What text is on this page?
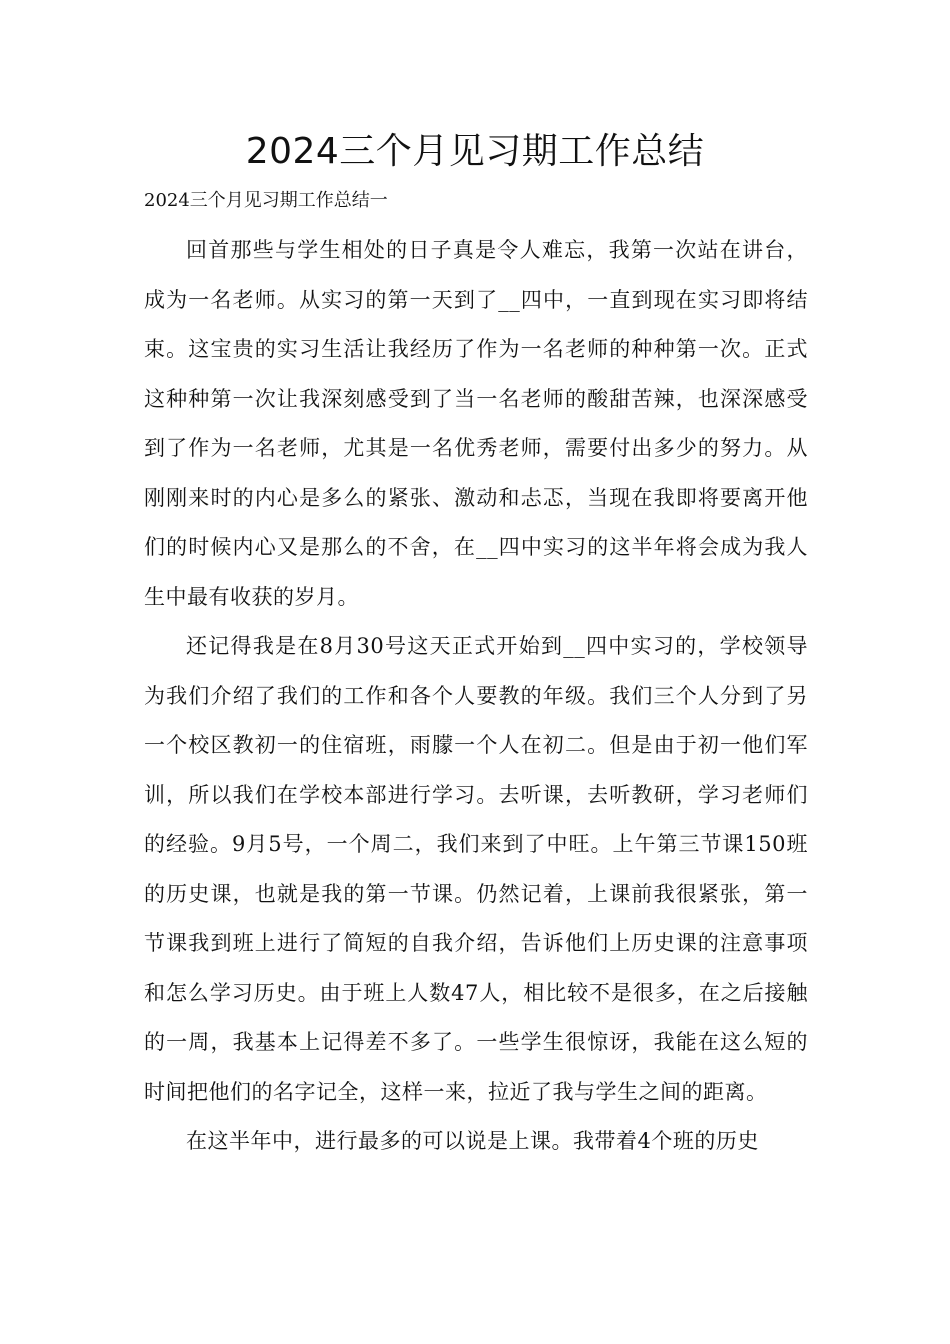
2024三个月见习期工作总结
2024三个月见习期工作总结一

回首那些与学生相处的日子真是令人难忘，我第一次站在讲台，成为一名老师。从实习的第一天到了__四中，一直到现在实习即将结束。这宝贵的实习生活让我经历了作为一名老师的种种第一次。正式这种种第一次让我深刻感受到了当一名老师的酸甜苦辣，也深深感受到了作为一名老师，尤其是一名优秀老师，需要付出多少的努力。从刚刚来时的内心是多么的紧张、激动和忐忑，当现在我即将要离开他们的时候内心又是那么的不舍，在__四中实习的这半年将会成为我人生中最有收获的岁月。

还记得我是在8月30号这天正式开始到__四中实习的，学校领导为我们介绍了我们的工作和各个人要教的年级。我们三个人分到了另一个校区教初一的住宿班，雨朦一个人在初二。但是由于初一他们军训，所以我们在学校本部进行学习。去听课，去听教研，学习老师们的经验。9月5号，一个周二，我们来到了中旺。上午第三节课150班的历史课，也就是我的第一节课。仍然记着，上课前我很紧张，第一节课我到班上进行了简短的自我介绍，告诉他们上历史课的注意事项和怎么学习历史。由于班上人数47人，相比较不是很多，在之后接触的一周，我基本上记得差不多了。一些学生很惊讶，我能在这么短的时间把他们的名字记全，这样一来，拉近了我与学生之间的距离。

在这半年中，进行最多的可以说是上课。我带着4个班的历史
